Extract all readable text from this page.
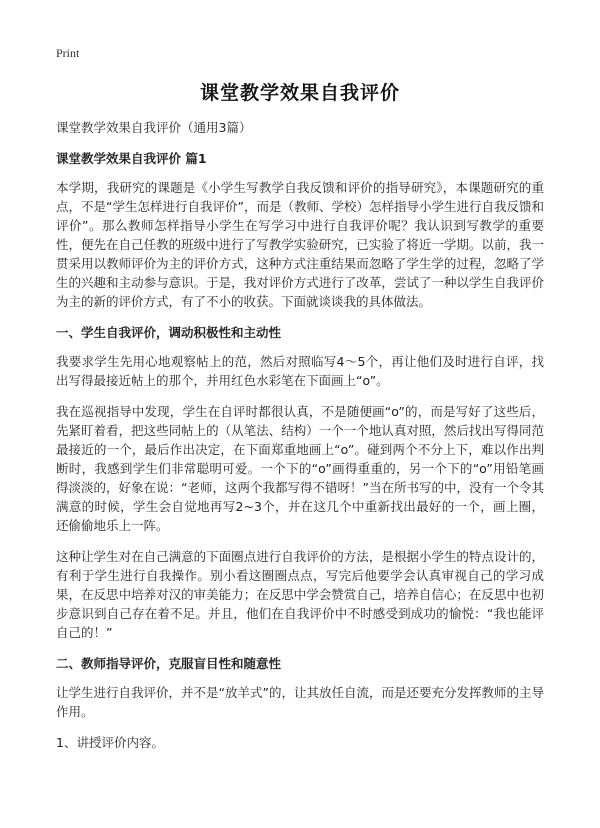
Print
课堂教学效果自我评价

课堂教学效果自我评价（通用3篇）

课堂教学效果自我评价 篇1

本学期，我研究的课题是《小学生写教学自我反馈和评价的指导研究》，本课题研究的重点，不是“学生怎样进行自我评价”，而是（教师、学校）怎样指导小学生进行自我反馈和评价”。那么教师怎样指导小学生在写学习中进行自我评价呢？我认识到写教学的重要性，便先在自己任教的班级中进行了写教学实验研究，已实验了将近一学期。以前，我一贯采用以教师评价为主的评价方式，这种方式注重结果而忽略了学生学的过程，忽略了学生的兴趣和主动参与意识。于是，我对评价方式进行了改革，尝试了一种以学生自我评价为主的新的评价方式，有了不小的收获。下面就谈谈我的具体做法。

一、学生自我评价，调动积极性和主动性

我要求学生先用心地观察帖上的范，然后对照临写4～5个，再让他们及时进行自评，找出写得最接近帖上的那个，并用红色水彩笔在下面画上“o”。

我在巡视指导中发现，学生在自评时都很认真，不是随便画“o”的，而是写好了这些后，先紧盯着看，把这些同帖上的（从笔法、结构）一个一个地认真对照，然后找出写得同范最接近的一个，最后作出决定，在下面郑重地画上“o”。碰到两个不分上下，难以作出判断时，我感到学生们非常聪明可爱。一个下的“o”画得重重的，另一个下的“o”用铅笔画得淡淡的，好象在说：“老师，这两个我都写得不错呀！”当在所书写的中，没有一个令其满意的时候，学生会自觉地再写2~3个，并在这几个中重新找出最好的一个，画上圈，还偷偷地乐上一阵。

这种让学生对在自己满意的下面圈点进行自我评价的方法，是根据小学生的特点设计的，有利于学生进行自我操作。别小看这圈圈点点，写完后他要学会认真审视自己的学习成果，在反思中培养对汉的审美能力；在反思中学会赞赏自己，培养自信心；在反思中也初步意识到自己存在着不足。并且，他们在自我评价中不时感受到成功的愉悦：“我也能评自己的！”

二、教师指导评价，克服盲目性和随意性

让学生进行自我评价，并不是“放羊式”的，让其放任自流，而是还要充分发挥教师的主导作用。

1、讲授评价内容。
